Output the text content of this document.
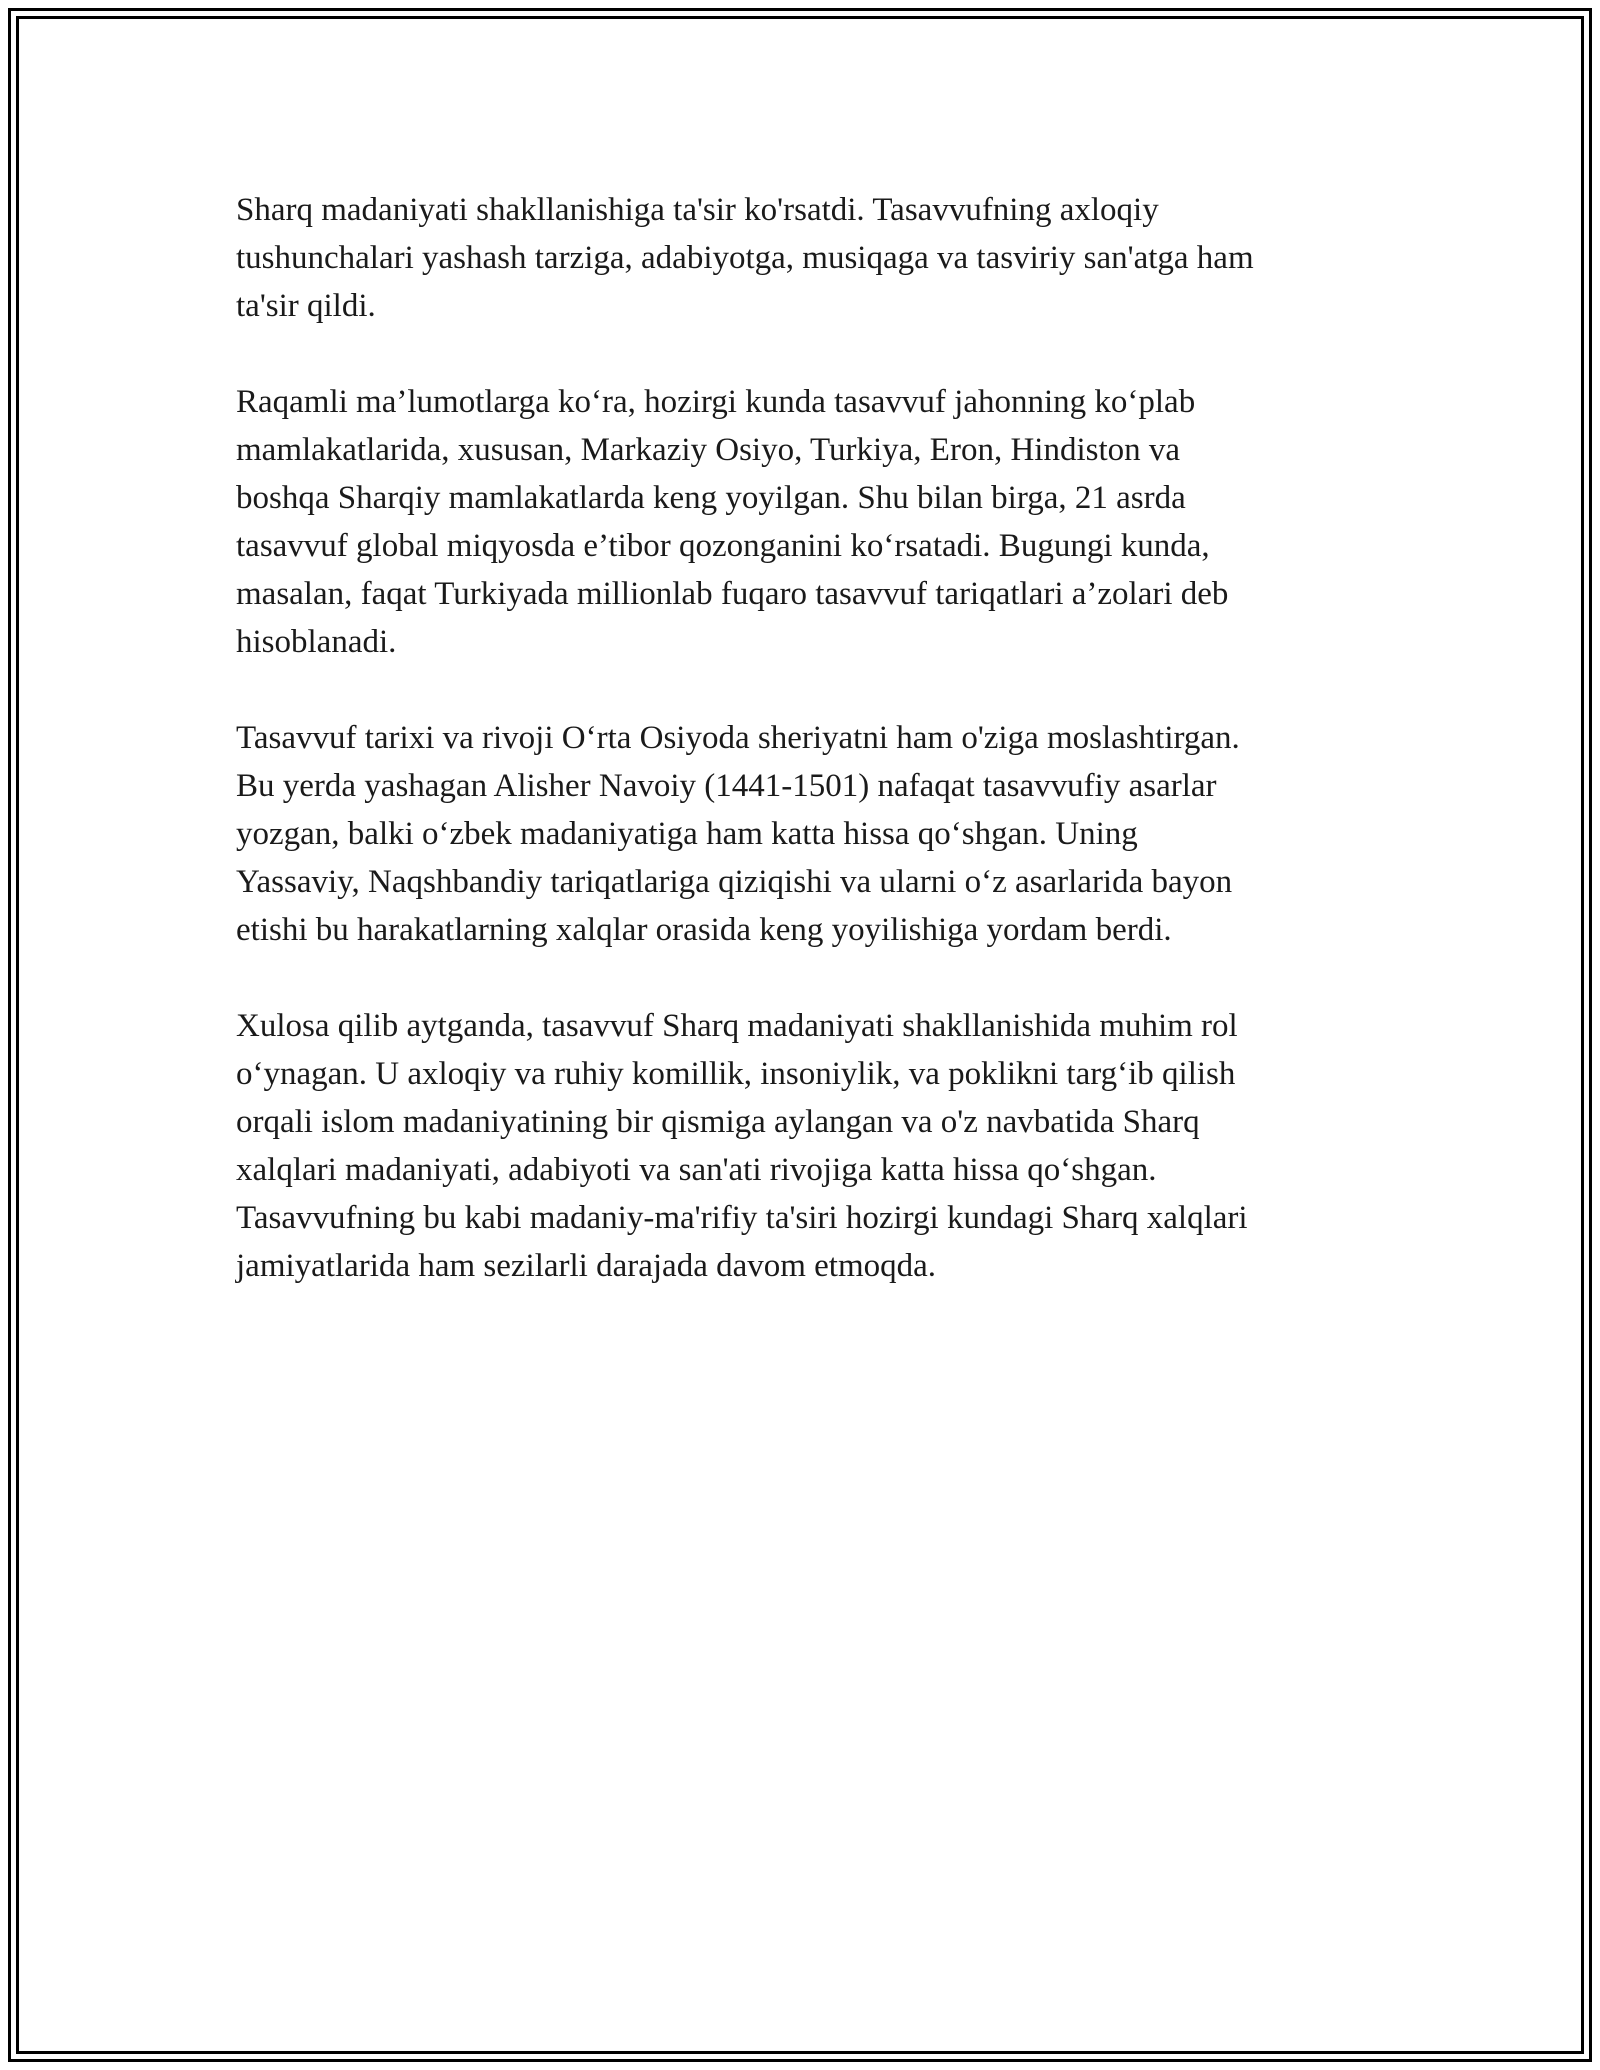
Sharq madaniyati shakllanishiga ta'sir ko'rsatdi. Tasavvufning axloqiy
tushunchalari yashash tarziga, adabiyotga, musiqaga va tasviriy san'atga ham
ta'sir qildi.

Raqamli ma’lumotlarga ko‘ra, hozirgi kunda tasavvuf jahonning ko‘plab
mamlakatlarida, xususan, Markaziy Osiyo, Turkiya, Eron, Hindiston va
boshqa Sharqiy mamlakatlarda keng yoyilgan. Shu bilan birga, 21 asrda
tasavvuf global miqyosda e’tibor qozonganini ko‘rsatadi. Bugungi kunda,
masalan, faqat Turkiyada millionlab fuqaro tasavvuf tariqatlari a’zolari deb
hisoblanadi.

Tasavvuf tarixi va rivoji O‘rta Osiyoda sheriyatni ham o'ziga moslashtirgan.
Bu yerda yashagan Alisher Navoiy (1441-1501) nafaqat tasavvufiy asarlar
yozgan, balki o‘zbek madaniyatiga ham katta hissa qo‘shgan. Uning
Yassaviy, Naqshbandiy tariqatlariga qiziqishi va ularni o‘z asarlarida bayon
etishi bu harakatlarning xalqlar orasida keng yoyilishiga yordam berdi.

Xulosa qilib aytganda, tasavvuf Sharq madaniyati shakllanishida muhim rol
o‘ynagan. U axloqiy va ruhiy komillik, insoniylik, va poklikni targ‘ib qilish
orqali islom madaniyatining bir qismiga aylangan va o'z navbatida Sharq
xalqlari madaniyati, adabiyoti va san'ati rivojiga katta hissa qo‘shgan.
Tasavvufning bu kabi madaniy-ma'rifiy ta'siri hozirgi kundagi Sharq xalqlari
jamiyatlarida ham sezilarli darajada davom etmoqda.
